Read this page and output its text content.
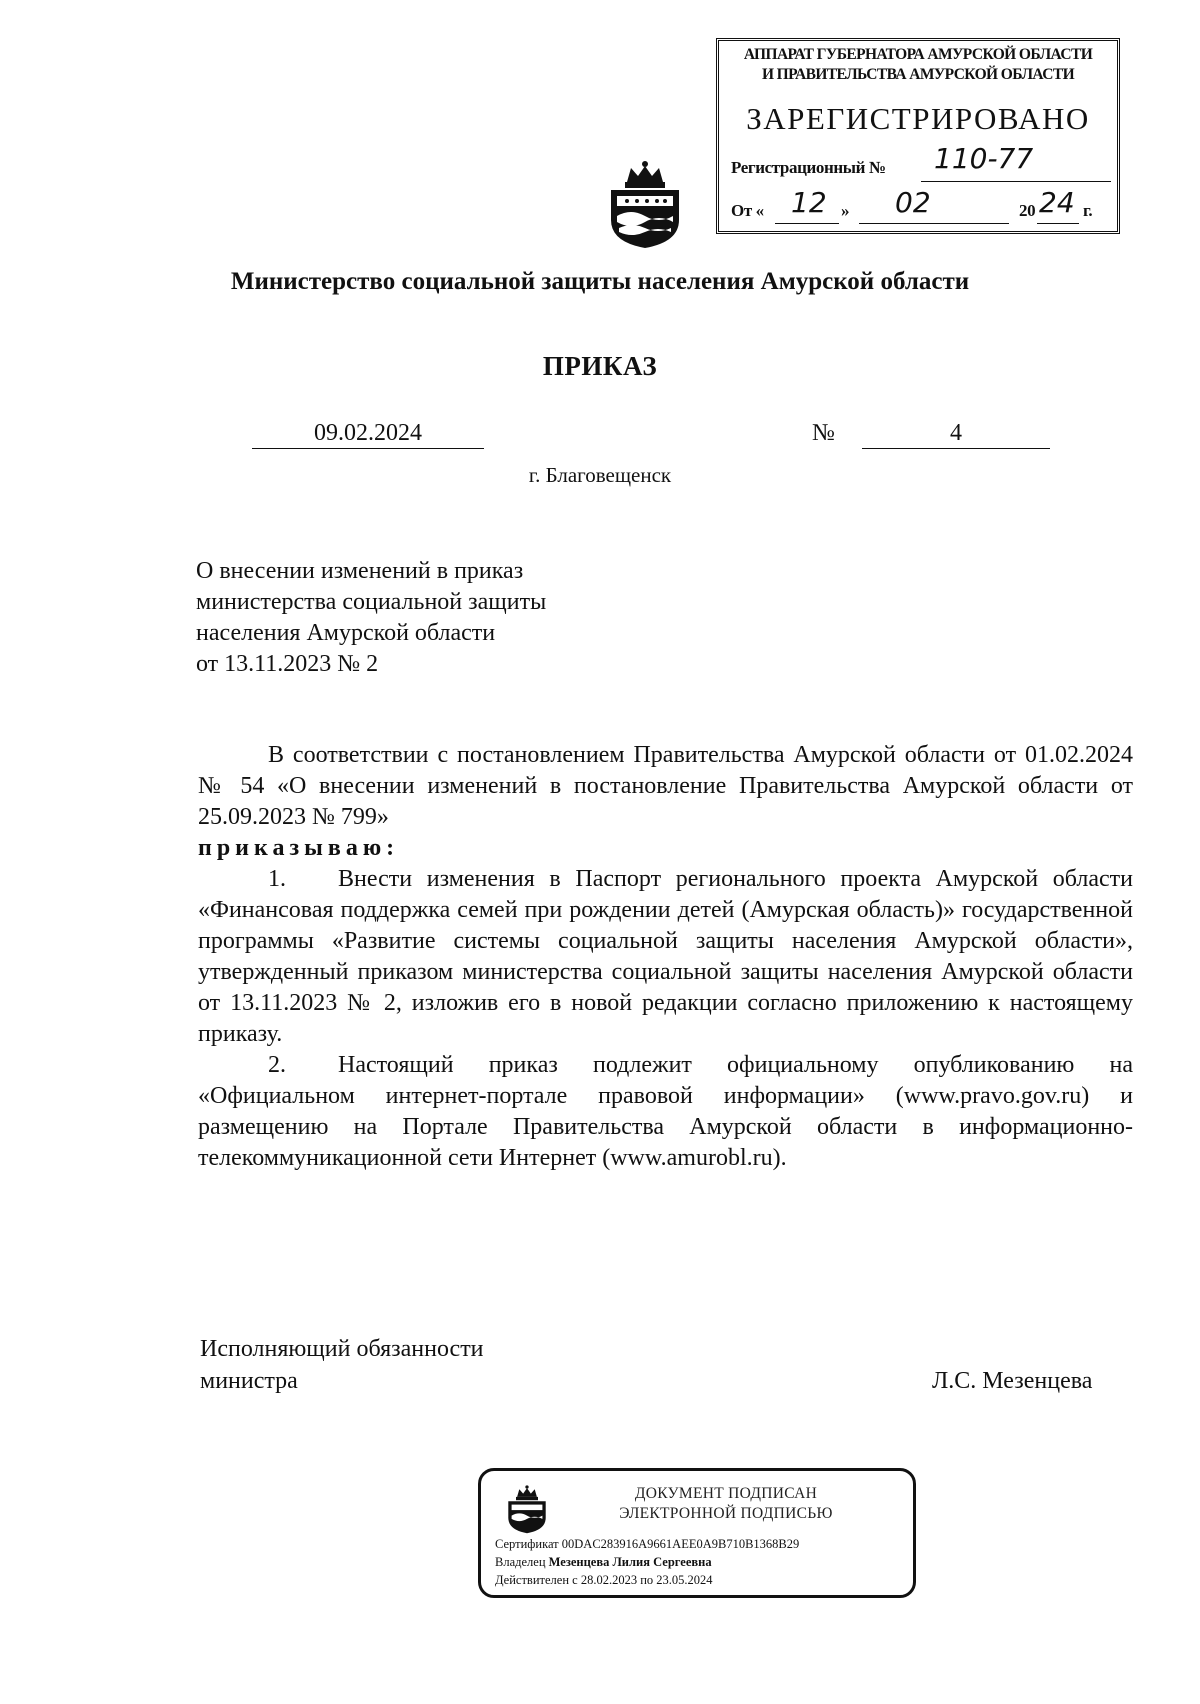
АППАРАТ ГУБЕРНАТОРА АМУРСКОЙ ОБЛАСТИ
И ПРАВИТЕЛЬСТВА АМУРСКОЙ ОБЛАСТИ
ЗАРЕГИСТРИРОВАНО
Регистрационный № 110-77
От « 12 » 02	20 24 г.
Министерство социальной защиты населения Амурской области
ПРИКАЗ
09.02.2024	№	4
г. Благовещенск
О внесении изменений в приказ
министерства социальной защиты
населения Амурской области
от 13.11.2023 № 2

В соответствии с постановлением Правительства Амурской области от 01.02.2024 № 54 «О внесении изменений в постановление Правительства Амурской области от 25.09.2023 № 799»

приказываю:

1. Внести изменения в Паспорт регионального проекта Амурской области «Финансовая поддержка семей при рождении детей (Амурская область)» государственной программы «Развитие системы социальной защиты населения Амурской области», утвержденный приказом министерства социальной защиты населения Амурской области от 13.11.2023 № 2, изложив его в новой редакции согласно приложению к настоящему приказу.

2. Настоящий приказ подлежит официальному опубликованию на «Официальном интернет-портале правовой информации» (www.pravo.gov.ru) и размещению на Портале Правительства Амурской области в информационно-телекоммуникационной сети Интернет (www.amurobl.ru).

Исполняющий обязанности
министра	Л.С. Мезенцева
ДОКУМЕНТ ПОДПИСАН
ЭЛЕКТРОННОЙ ПОДПИСЬЮ
Сертификат 00DAC283916A9661AEE0A9B710B1368B29
Владелец Мезенцева Лилия Сергеевна
Действителен с 28.02.2023 по 23.05.2024
